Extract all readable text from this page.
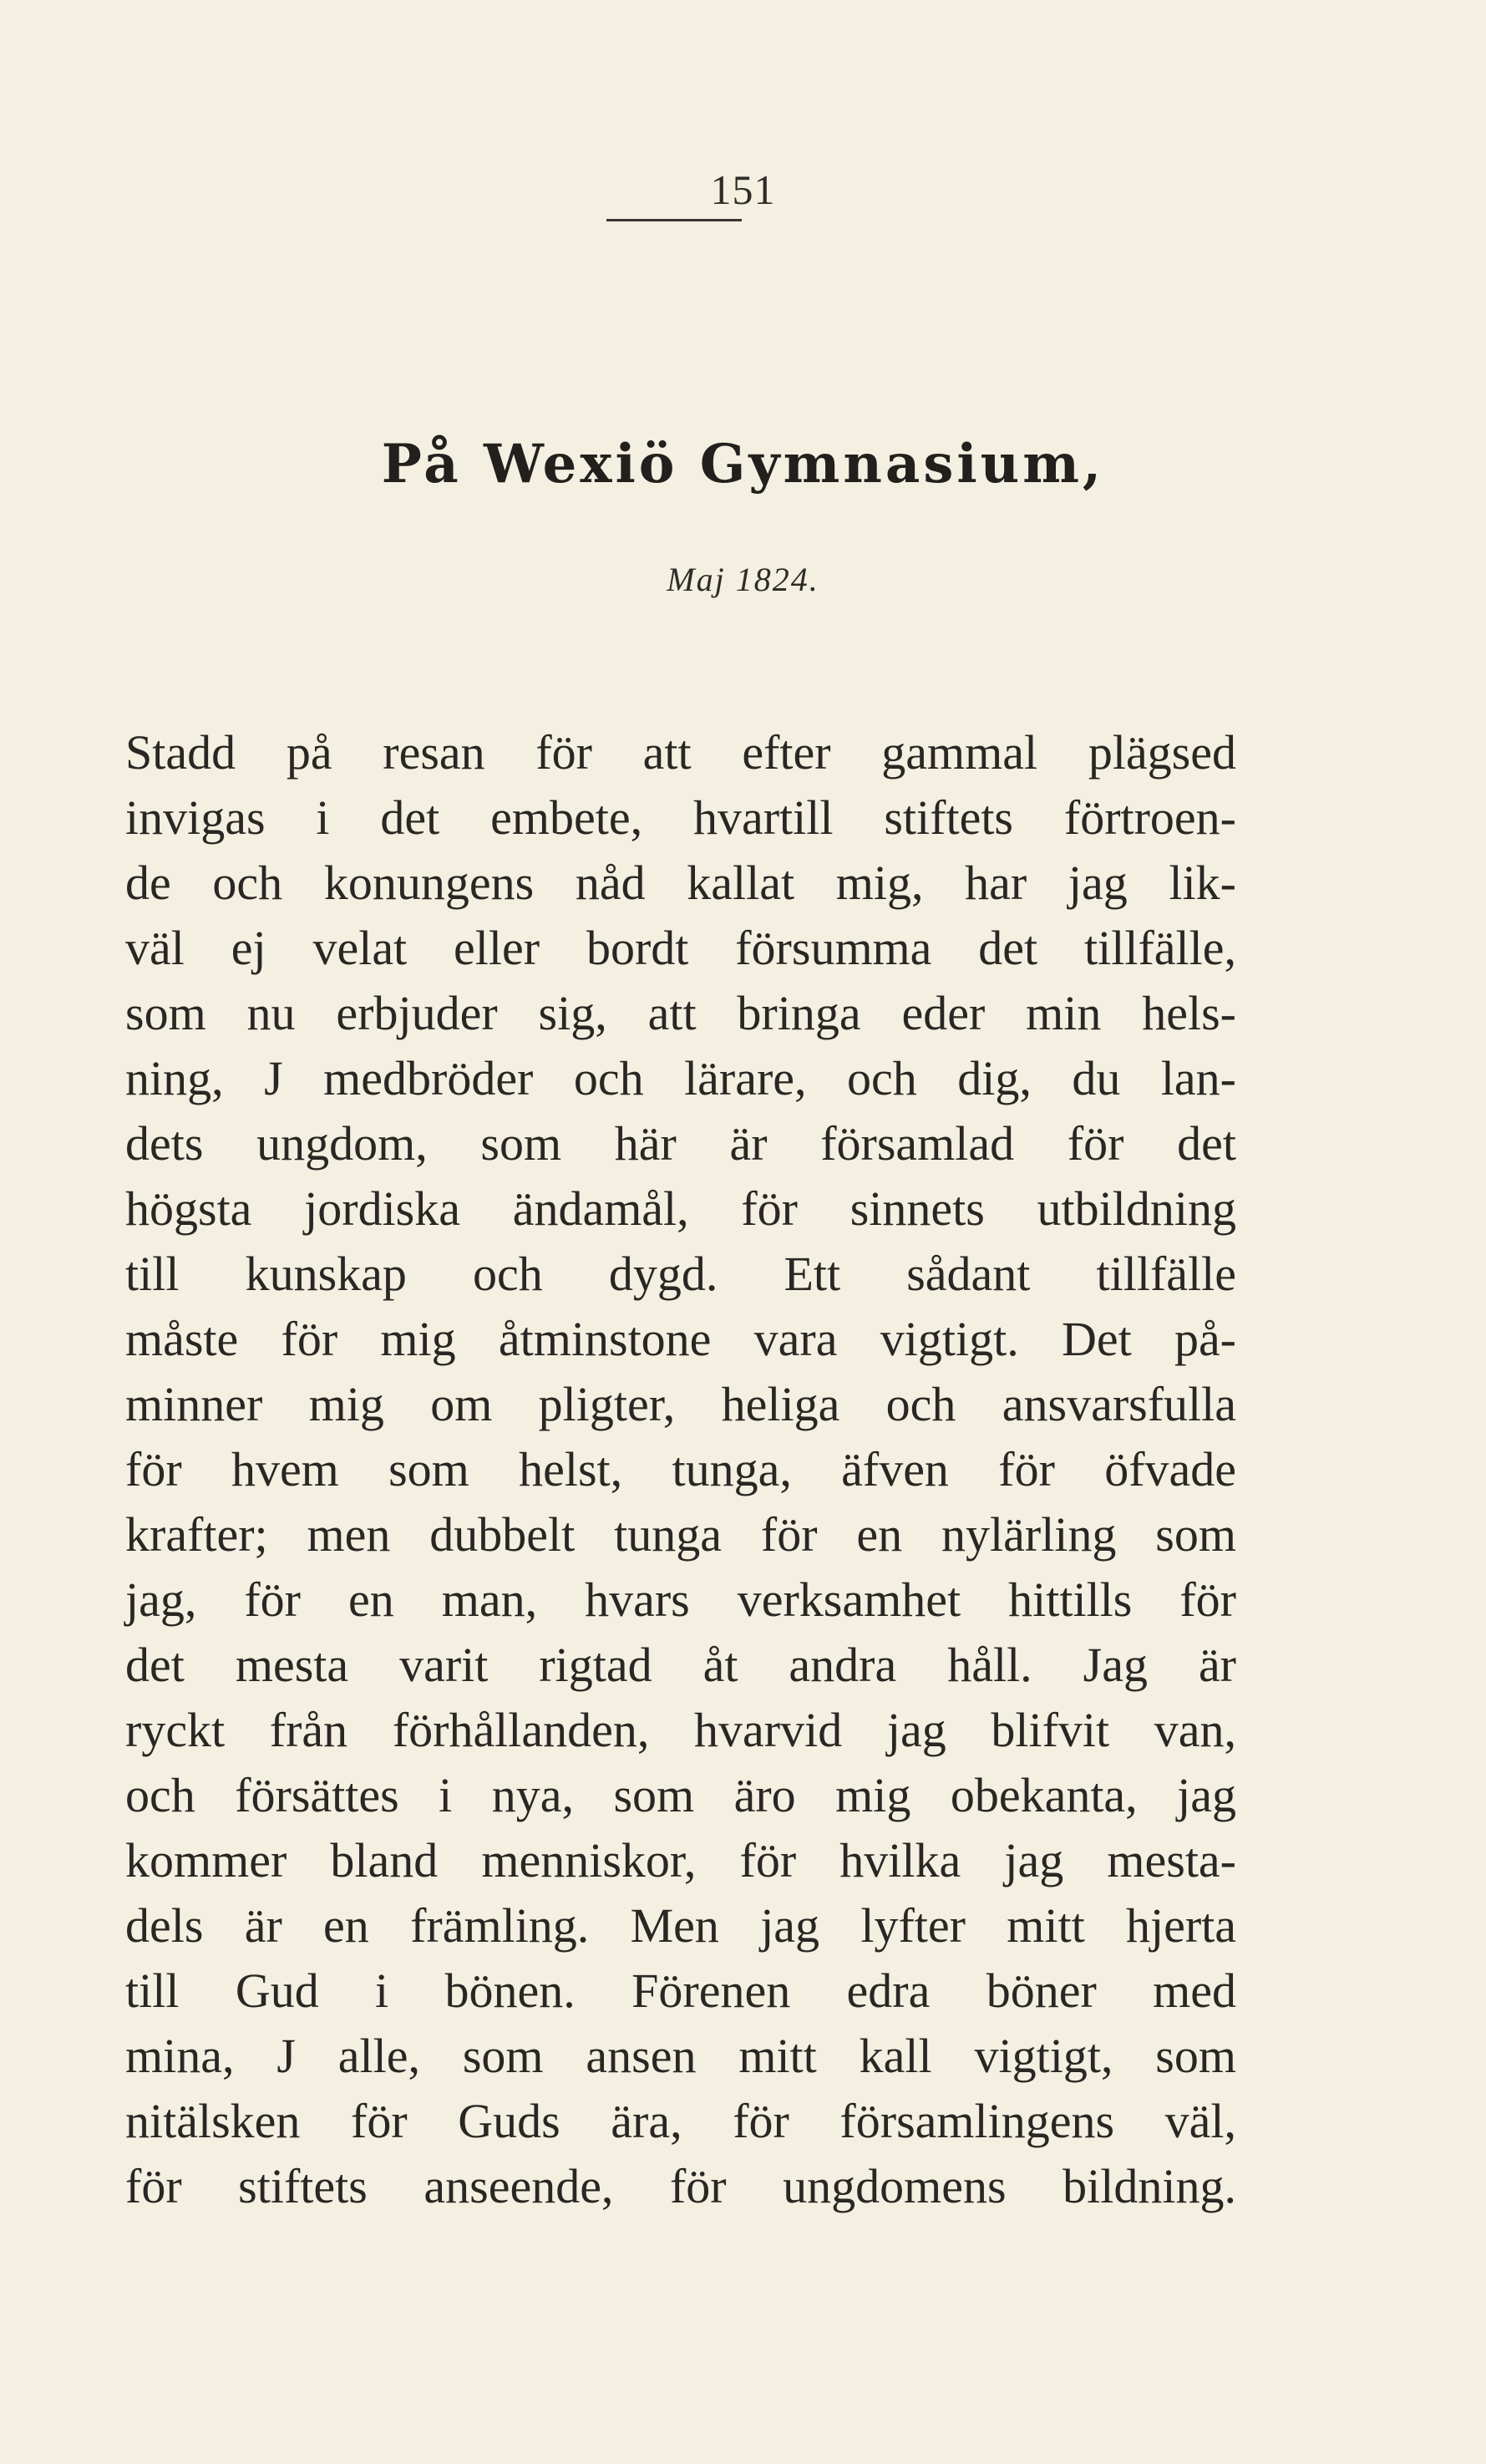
151
På Wexiö Gymnasium,
Maj 1824.
Stadd på resan för att efter gammal plägsed
invigas i det embete, hvartill stiftets förtroen-
de och konungens nåd kallat mig, har jag lik-
väl ej velat eller bordt försumma det tillfälle,
som nu erbjuder sig, att bringa eder min hels-
ning, J medbröder och lärare, och dig, du lan-
dets ungdom, som här är församlad för det
högsta jordiska ändamål, för sinnets utbildning
till kunskap och dygd. Ett sådant tillfälle
måste för mig åtminstone vara vigtigt. Det på-
minner mig om pligter, heliga och ansvarsfulla
för hvem som helst, tunga, äfven för öfvade
krafter; men dubbelt tunga för en nylärling som
jag, för en man, hvars verksamhet hittills för
det mesta varit rigtad åt andra håll. Jag är
ryckt från förhållanden, hvarvid jag blifvit van,
och försättes i nya, som äro mig obekanta, jag
kommer bland menniskor, för hvilka jag mesta-
dels är en främling. Men jag lyfter mitt hjerta
till Gud i bönen. Förenen edra böner med
mina, J alle, som ansen mitt kall vigtigt, som
nitälsken för Guds ära, för församlingens väl,
för stiftets anseende, för ungdomens bildning.
